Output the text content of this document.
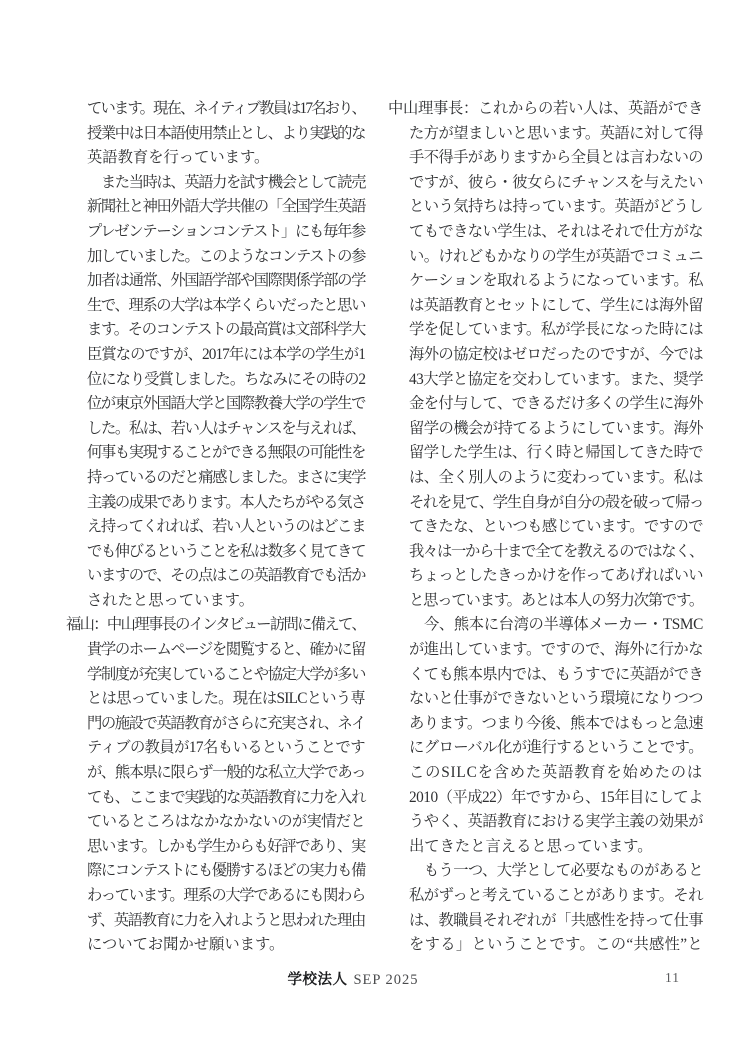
ています。現在、ネイティブ教員は17名おり、
授業中は日本語使用禁止とし、より実践的な
英語教育を行っています。
　また当時は、英語力を試す機会として読売
新聞社と神田外語大学共催の「全国学生英語
プレゼンテーションコンテスト」にも毎年参
加していました。このようなコンテストの参
加者は通常、外国語学部や国際関係学部の学
生で、理系の大学は本学くらいだったと思い
ます。そのコンテストの最高賞は文部科学大
臣賞なのですが、2017年には本学の学生が1
位になり受賞しました。ちなみにその時の2
位が東京外国語大学と国際教養大学の学生で
した。私は、若い人はチャンスを与えれば、
何事も実現することができる無限の可能性を
持っているのだと痛感しました。まさに実学
主義の成果であります。本人たちがやる気さ
え持ってくれれば、若い人というのはどこま
でも伸びるということを私は数多く見てきて
いますので、その点はこの英語教育でも活か
されたと思っています。
福山：中山理事長のインタビュー訪問に備えて、
貴学のホームページを閲覧すると、確かに留
学制度が充実していることや協定大学が多い
とは思っていました。現在はSILCという専
門の施設で英語教育がさらに充実され、ネイ
ティブの教員が17名もいるということです
が、熊本県に限らず一般的な私立大学であっ
ても、ここまで実践的な英語教育に力を入れ
ているところはなかなかないのが実情だと
思います。しかも学生からも好評であり、実
際にコンテストにも優勝するほどの実力も備
わっています。理系の大学であるにも関わら
ず、英語教育に力を入れようと思われた理由
についてお聞かせ願います。
中山理事長：これからの若い人は、英語ができ
た方が望ましいと思います。英語に対して得
手不得手がありますから全員とは言わないの
ですが、彼ら・彼女らにチャンスを与えたい
という気持ちは持っています。英語がどうし
てもできない学生は、それはそれで仕方がな
い。けれどもかなりの学生が英語でコミュニ
ケーションを取れるようになっています。私
は英語教育とセットにして、学生には海外留
学を促しています。私が学長になった時には
海外の協定校はゼロだったのですが、今では
43大学と協定を交わしています。また、奨学
金を付与して、できるだけ多くの学生に海外
留学の機会が持てるようにしています。海外
留学した学生は、行く時と帰国してきた時で
は、全く別人のように変わっています。私は
それを見て、学生自身が自分の殻を破って帰っ
てきたな、といつも感じています。ですので
我々は一から十まで全てを教えるのではなく、
ちょっとしたきっかけを作ってあげればいい
と思っています。あとは本人の努力次第です。
　今、熊本に台湾の半導体メーカー・TSMC
が進出しています。ですので、海外に行かな
くても熊本県内では、もうすでに英語ができ
ないと仕事ができないという環境になりつつ
あります。つまり今後、熊本ではもっと急速
にグローバル化が進行するということです。
このSILCを含めた英語教育を始めたのは
2010（平成22）年ですから、15年目にしてよ
うやく、英語教育における実学主義の効果が
出てきたと言えると思っています。
　もう一つ、大学として必要なものがあると
私がずっと考えていることがあります。それ
は、教職員それぞれが「共感性を持って仕事
をする」ということです。この“共感性”と
学校法人 SEP 2025	11
